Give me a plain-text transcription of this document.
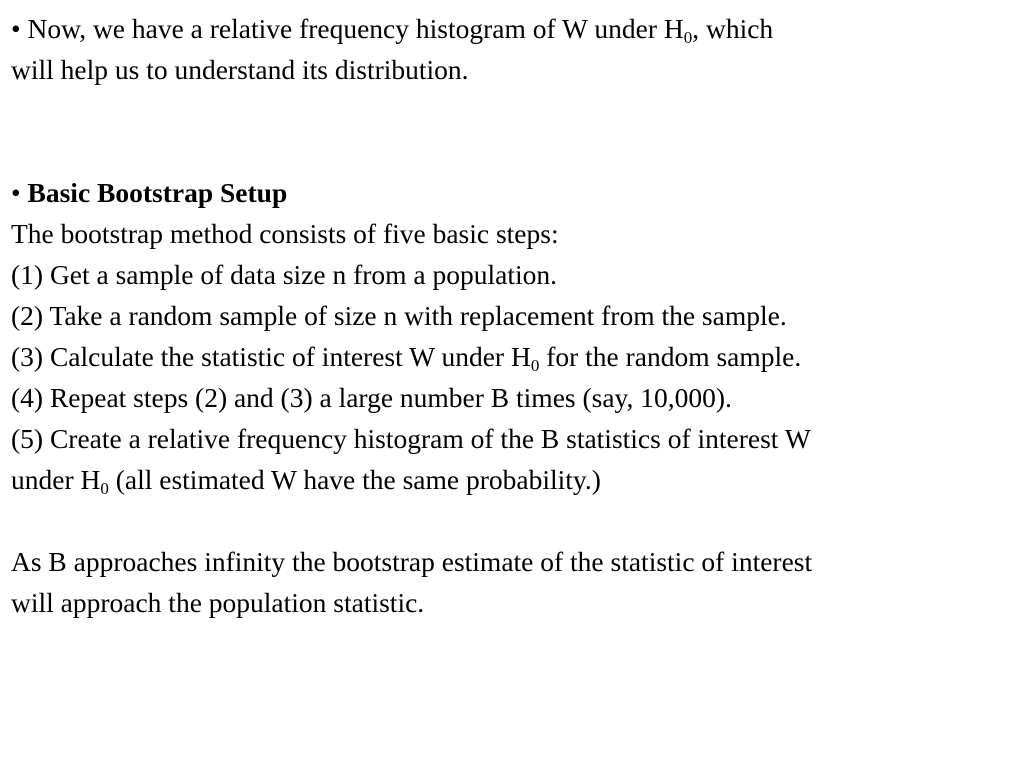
• Now, we have a relative frequency histogram of W under $H_0$, which
will help us to understand its distribution.
• Basic Bootstrap Setup
The bootstrap method consists of five basic steps:
(1) Get a sample of data size n from a population.
(2) Take a random sample of size n with replacement from the sample.
(3) Calculate the statistic of interest W under $H_0$ for the random sample.
(4) Repeat steps (2) and (3) a large number B times (say, 10,000).
(5) Create a relative frequency histogram of the B statistics of interest W
under $H_0$ (all estimated W have the same probability.)
As B approaches infinity the bootstrap estimate of the statistic of interest
will approach the population statistic.
